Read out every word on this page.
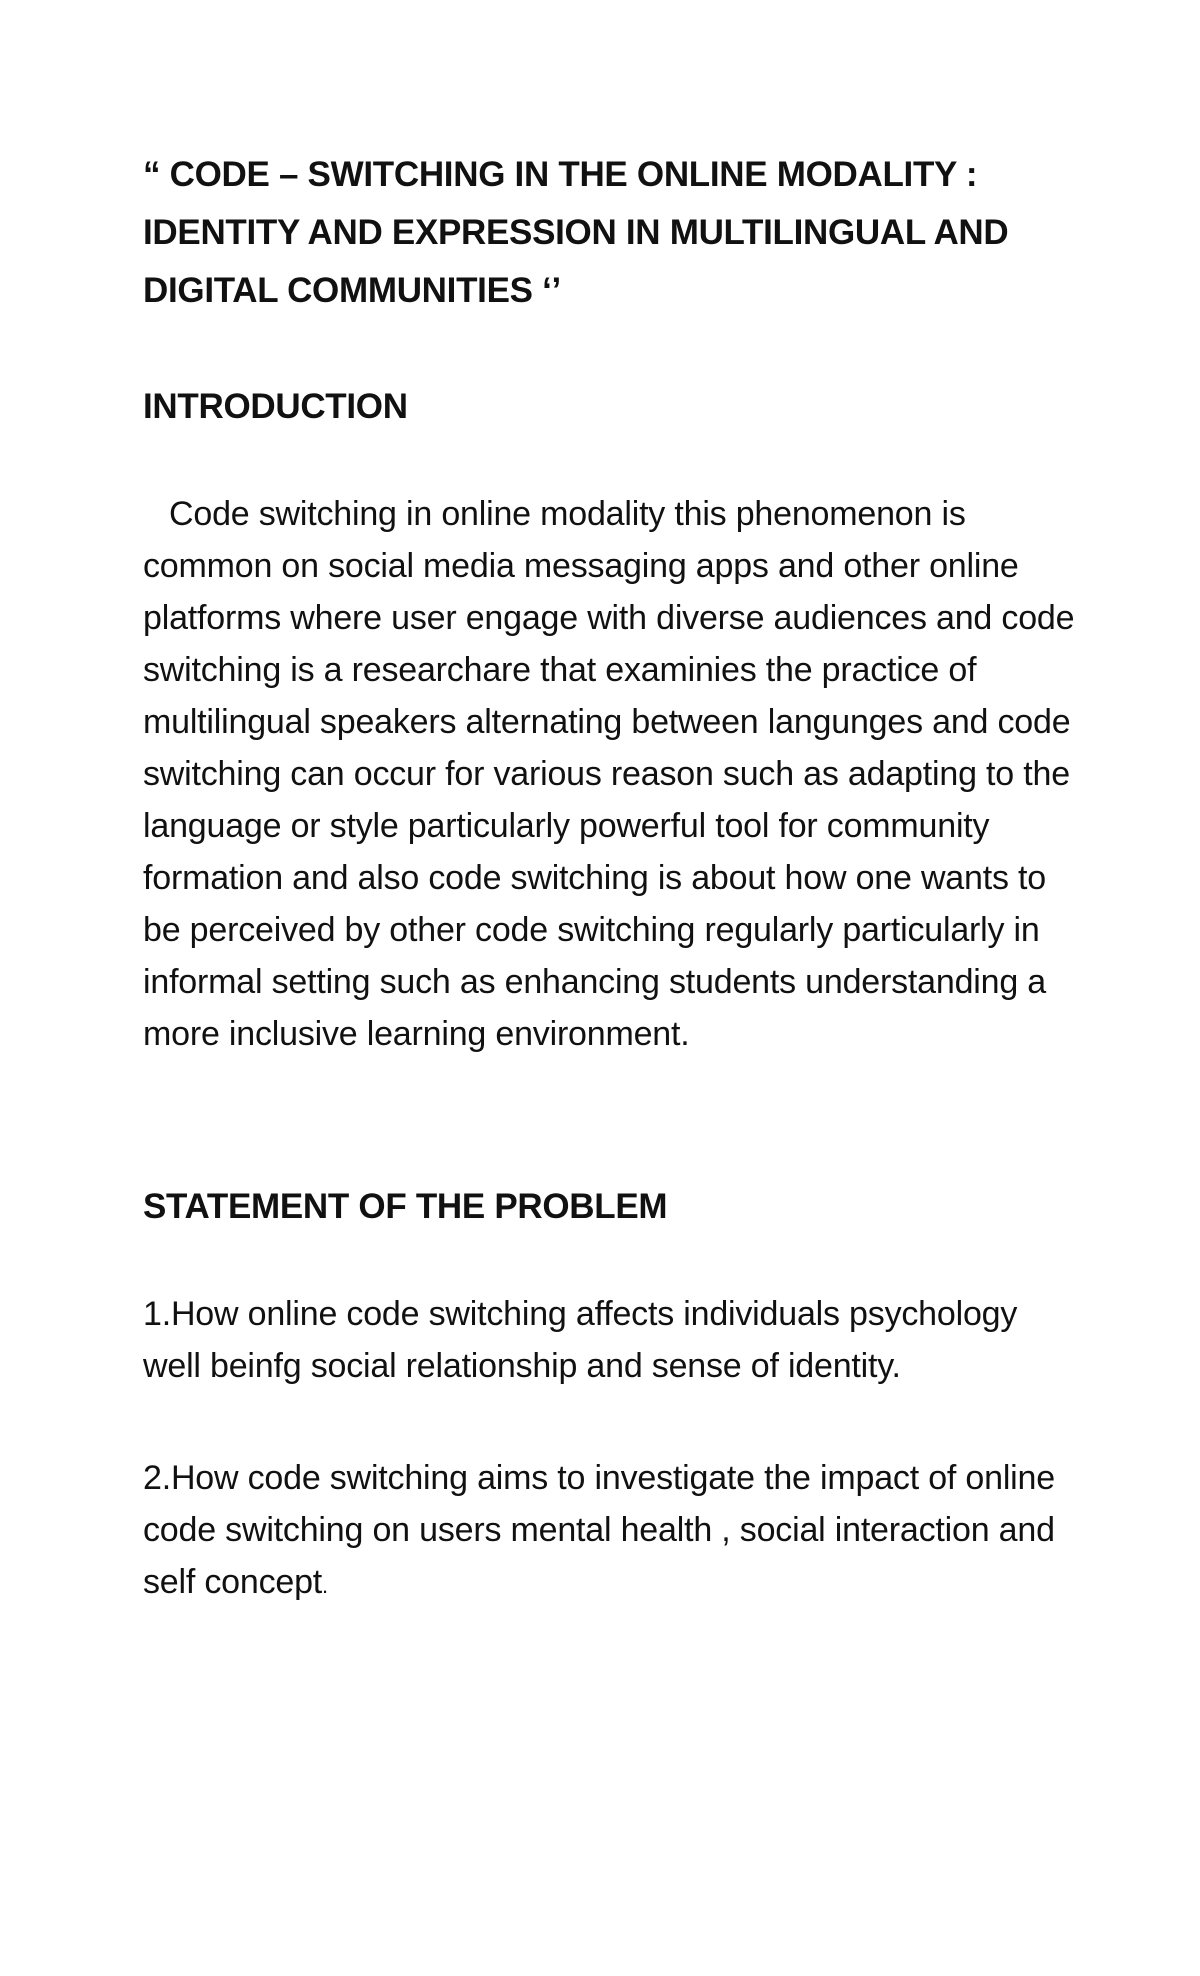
“ CODE – SWITCHING IN THE ONLINE MODALITY : IDENTITY AND EXPRESSION IN MULTILINGUAL AND DIGITAL COMMUNITIES ‘’
INTRODUCTION

Code switching in online modality this phenomenon is common on social media messaging apps and other online platforms where user engage with diverse audiences and code switching is a researchare that examinies the practice of multilingual speakers alternating between langunges and code switching can occur for various reason such as adapting to the language or style particularly powerful tool for community formation and also code switching is about how one wants to be perceived by other code switching regularly particularly in informal setting such as enhancing students understanding a more inclusive learning environment.

STATEMENT OF THE PROBLEM

1.How online code switching affects individuals psychology well beinfg social relationship and sense of identity.

2.How code switching aims to investigate the impact of online code switching on users mental health , social interaction and self concept.
